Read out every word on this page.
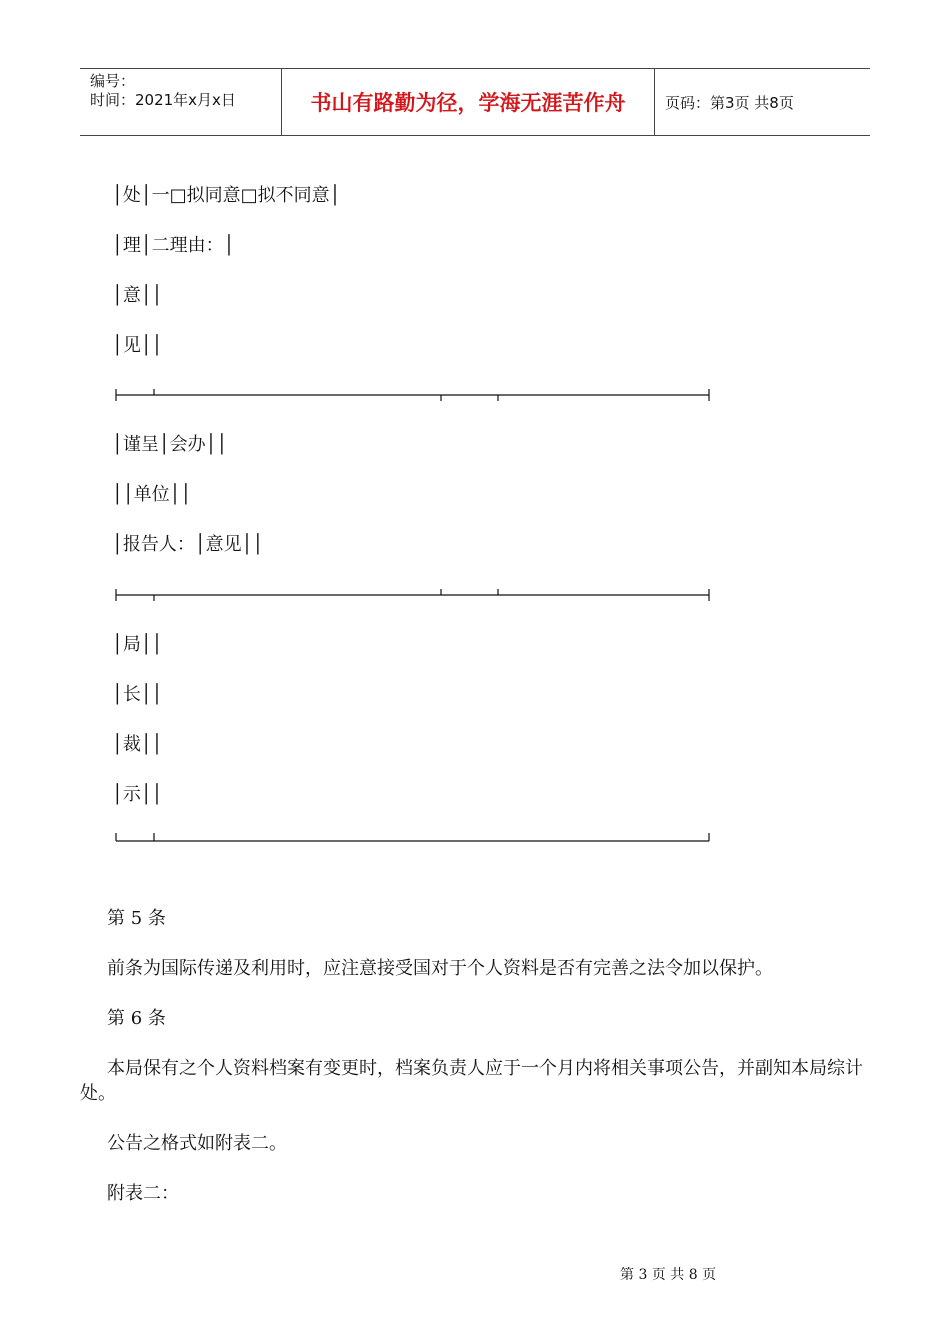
编号：
时间：2021年x月x日	书山有路勤为径，学海无涯苦作舟	页码：第3页 共8页
│处│一□拟同意□拟不同意│
│理│二理由：│
│意││
│见││
│谨呈│会办││
││单位││
│报告人：│意见││
│局││
│长││
│裁││
│示││
第 5 条
前条为国际传递及利用时，应注意接受国对于个人资料是否有完善之法令加以保护。
第 6 条
本局保有之个人资料档案有变更时，档案负责人应于一个月内将相关事项公告，并副知本局综计处。
公告之格式如附表二。
附表二：
第 3 页 共 8 页
